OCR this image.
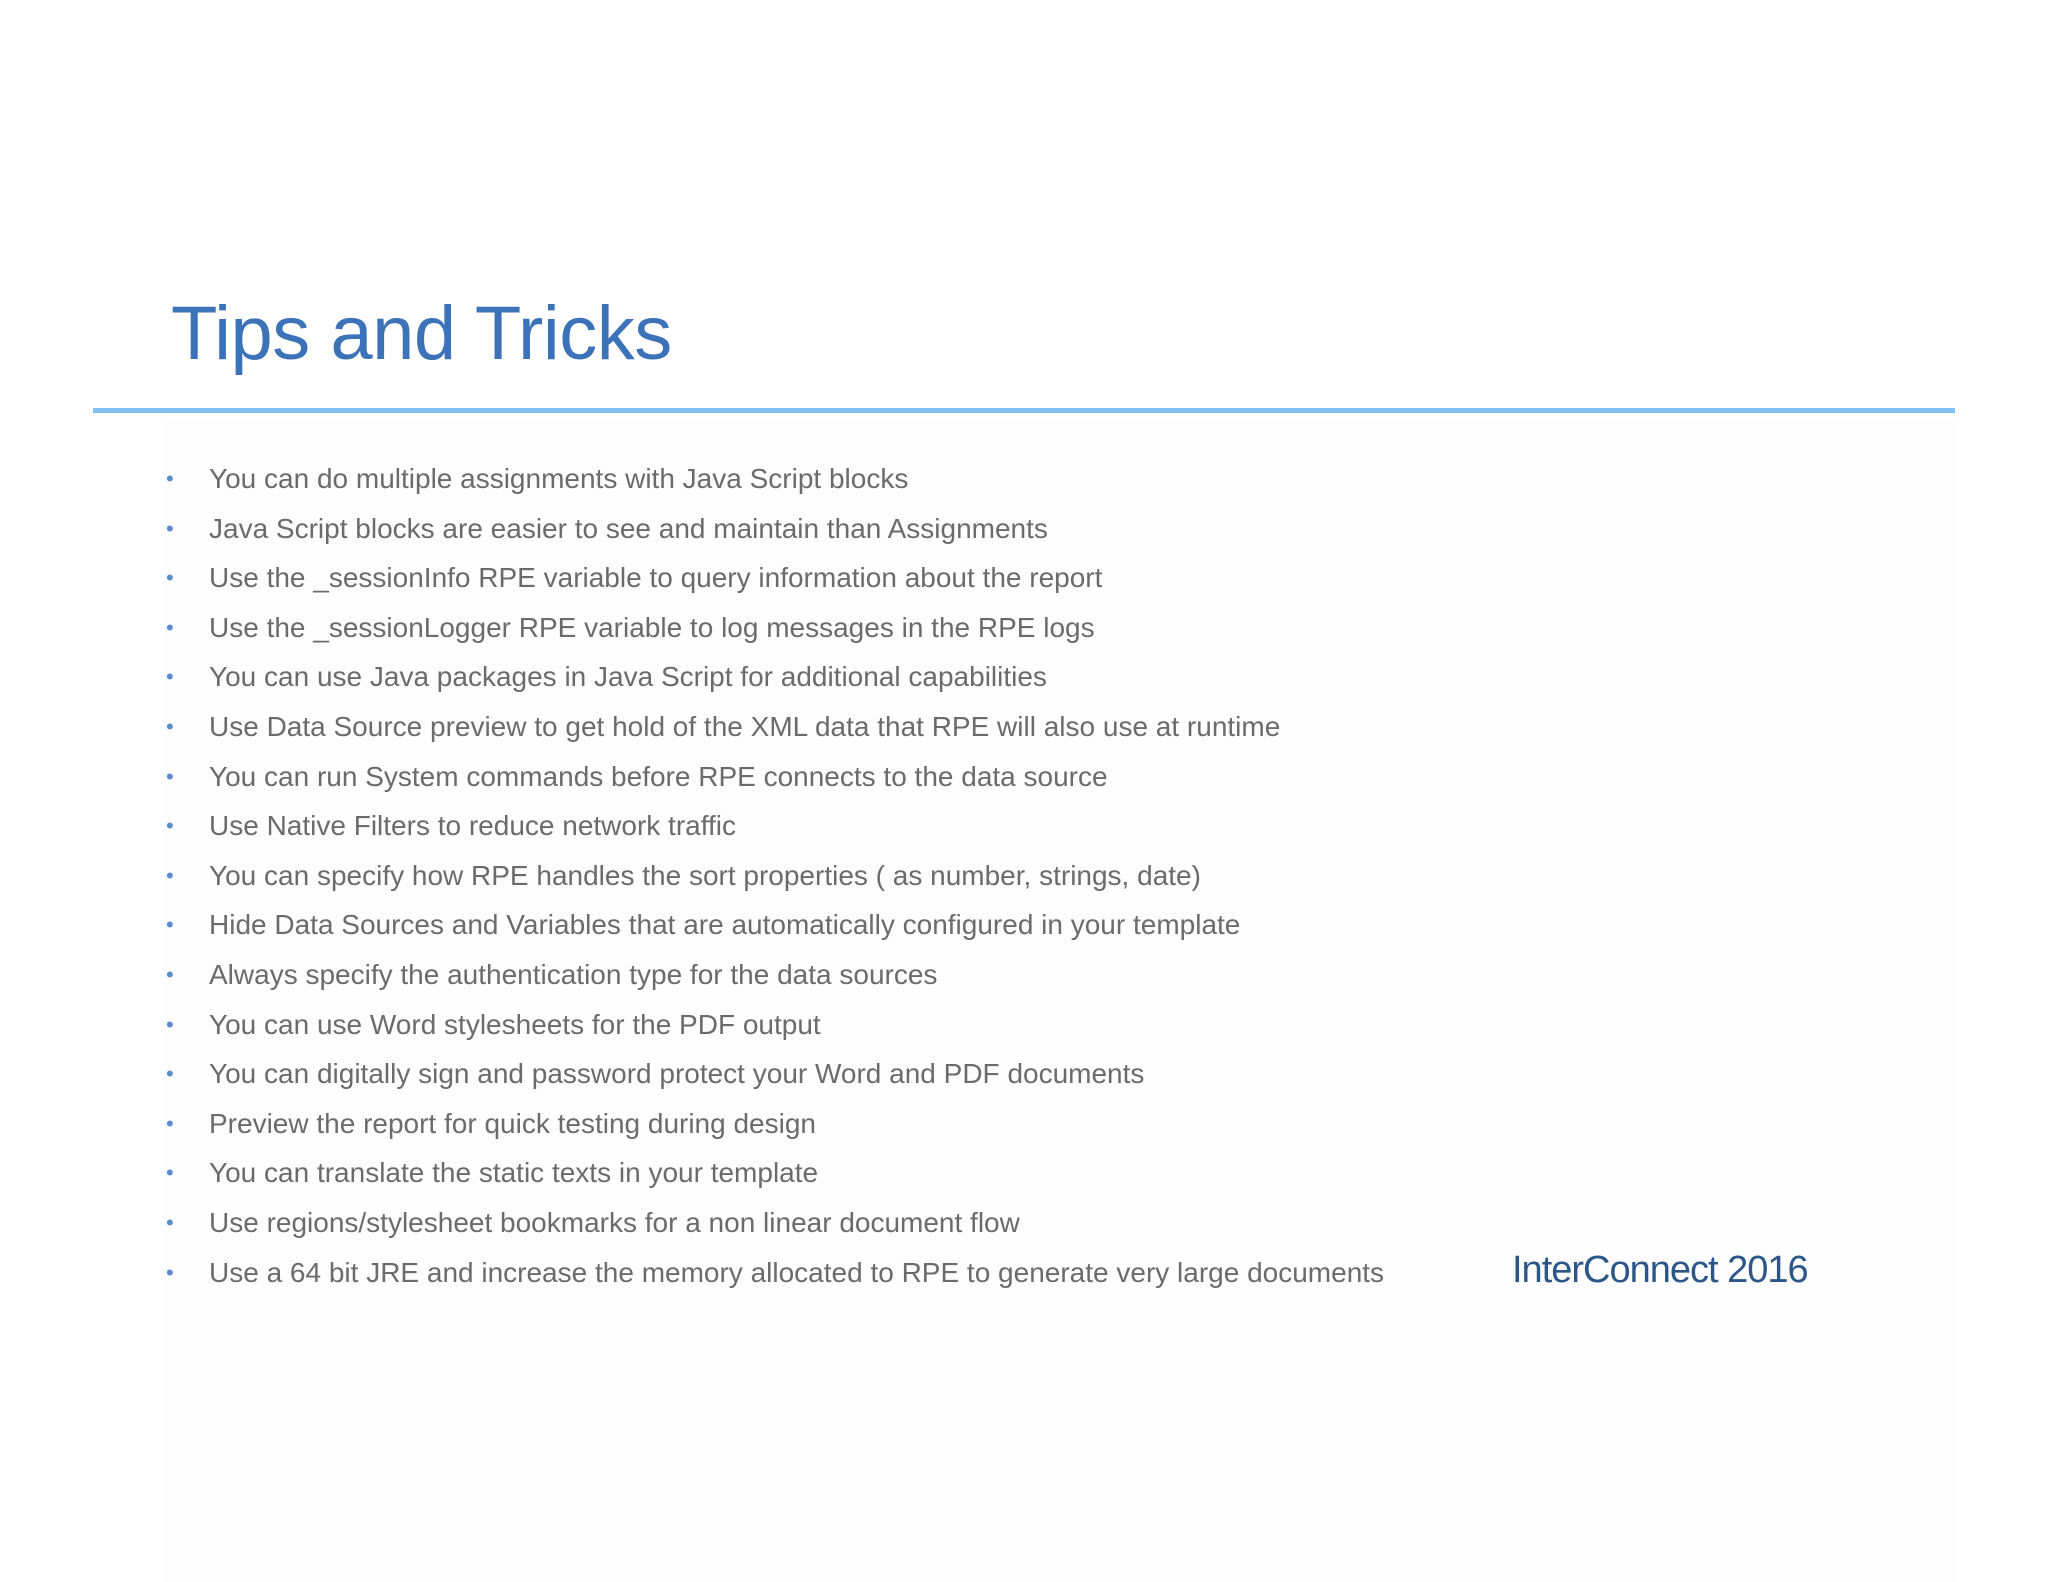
Tips and Tricks
• You can do multiple assignments with Java Script blocks
• Java Script blocks are easier to see and maintain than Assignments
• Use the _sessionInfo RPE variable to query information about the report
• Use the _sessionLogger RPE variable to log messages in the RPE logs
• You can use Java packages in Java Script for additional capabilities
• Use Data Source preview to get hold of the XML data that RPE will also use at runtime
• You can run System commands before RPE connects to the data source
• Use Native Filters to reduce network traffic
• You can specify how RPE handles the sort properties ( as number, strings, date)
• Hide Data Sources and Variables that are automatically configured in your template
• Always specify the authentication type for the data sources
• You can use Word stylesheets for the PDF output
• You can digitally sign and password protect your Word and PDF documents
• Preview the report for quick testing during design
• You can translate the static texts in your template
• Use regions/stylesheet bookmarks for a non linear document flow
• Use a 64 bit JRE and increase the memory allocated to RPE to generate very large documents	InterConnect 2016
